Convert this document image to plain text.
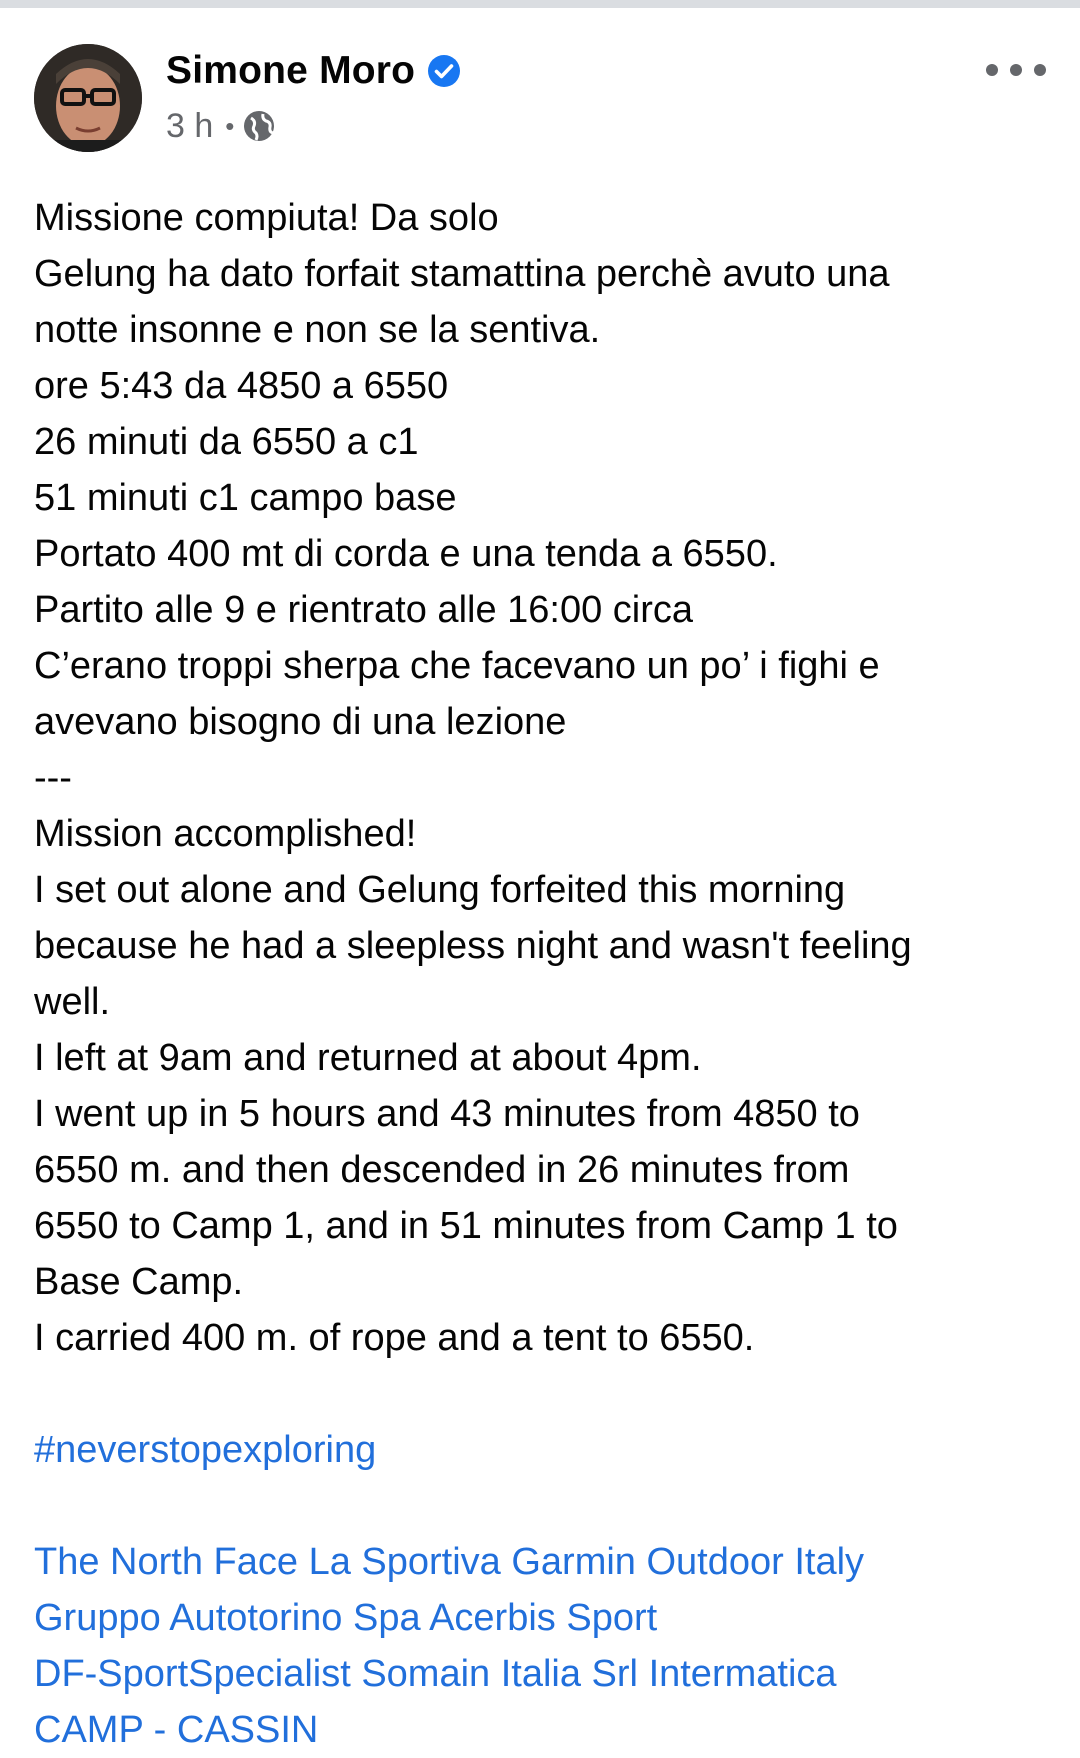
Simone Moro
3 h •
Missione compiuta! Da solo
Gelung ha dato forfait stamattina perchè avuto una
notte insonne e non se la sentiva.
ore 5:43 da 4850 a 6550
26 minuti da 6550 a c1
51 minuti c1 campo base
Portato 400 mt di corda e una tenda a 6550.
Partito alle 9 e rientrato alle 16:00 circa
C’erano troppi sherpa che facevano un po’ i fighi e
avevano bisogno di una lezione
---
Mission accomplished!
I set out alone and Gelung forfeited this morning
because he had a sleepless night and wasn't feeling
well.
I left at 9am and returned at about 4pm.
I went up in 5 hours and 43 minutes from 4850 to
6550 m. and then descended in 26 minutes from
6550 to Camp 1, and in 51 minutes from Camp 1 to
Base Camp.
I carried 400 m. of rope and a tent to 6550.
#neverstopexploring
The North Face La Sportiva Garmin Outdoor Italy
Gruppo Autotorino Spa Acerbis Sport
DF-SportSpecialist Somain Italia Srl Intermatica
CAMP - CASSIN
